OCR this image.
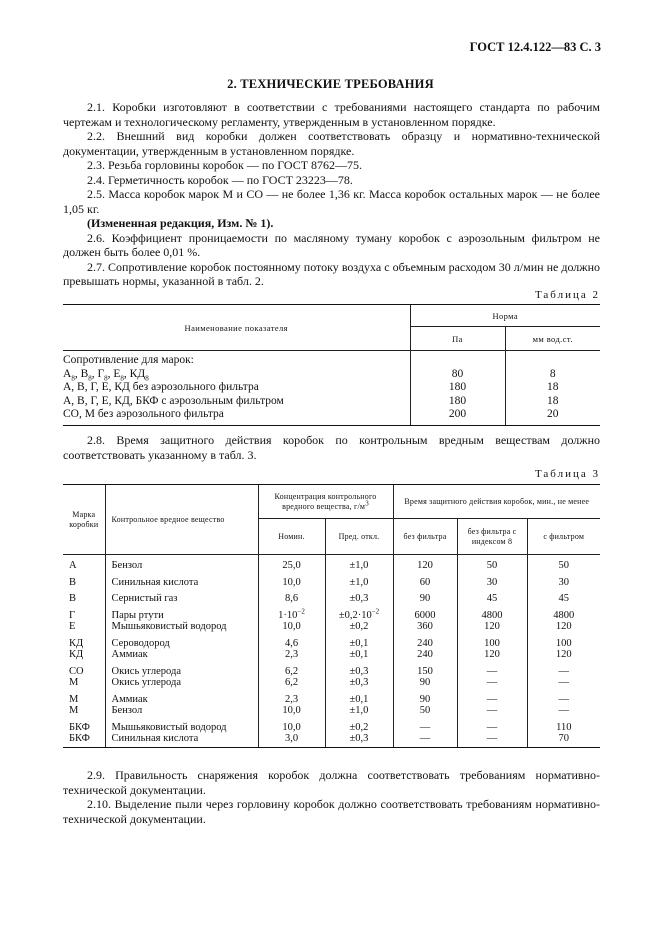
ГОСТ 12.4.122—83 С. 3
2. ТЕХНИЧЕСКИЕ ТРЕБОВАНИЯ
2.1. Коробки изготовляют в соответствии с требованиями настоящего стандарта по рабочим чертежам и технологическому регламенту, утвержденным в установленном порядке.
2.2. Внешний вид коробки должен соответствовать образцу и нормативно-технической документации, утвержденным в установленном порядке.
2.3. Резьба горловины коробок — по ГОСТ 8762—75.
2.4. Герметичность коробок — по ГОСТ 23223—78.
2.5. Масса коробок марок М и СО — не более 1,36 кг. Масса коробок остальных марок — не более 1,05 кг.
(Измененная редакция, Изм. № 1).
2.6. Коэффициент проницаемости по масляному туману коробок с аэрозольным фильтром не должен быть более 0,01 %.
2.7. Сопротивление коробок постоянному потоку воздуха с объемным расходом 30 л/мин не должно превышать нормы, указанной в табл. 2.
Таблица 2
Наименование показателя	Норма	
	Па	мм вод.ст.
Сопротивление для марок:		
$А_8$, $В_8$, $Г_8$, $Е_8$, $КД_8$	80	8
А, В, Г, Е, КД без аэрозольного фильтра	180	18
А, В, Г, Е, КД, БКФ с аэрозольным фильтром	180	18
СО, М без аэрозольного фильтра	200	20
2.8. Время защитного действия коробок по контрольным вредным веществам должно соответствовать указанному в табл. 3.
Таблица 3
Марка коробки	Контрольное вредное вещество	Концентрация контрольного вредного вещества, $г/м^3$		Время защитного действия коробок, мин., не менее		
		Номин.	Пред. откл.	без фильтра	без фильтра с индексом 8	с фильтром
А	Бензол	25,0	±1,0	120	50	50
В	Синильная кислота	10,0	±1,0	60	30	30
В	Сернистый газ	8,6	±0,3	90	45	45
Г	Пары ртути	$1\cdot 10^{-2}$	$\pm 0,2\cdot 10^{-2}$	6000	4800	4800
Е	Мышьяковистый водород	10,0	±0,2	360	120	120
КД	Сероводород	4,6	±0,1	240	100	100
КД	Аммиак	2,3	±0,1	240	120	120
СО	Окись углерода	6,2	±0,3	150	—	—
М	Окись углерода	6,2	±0,3	90	—	—
М	Аммиак	2,3	±0,1	90	—	—
М	Бензол	10,0	±1,0	50	—	—
БКФ	Мышьяковистый водород	10,0	±0,2	—	—	110
БКФ	Синильная кислота	3,0	±0,3	—	—	70
2.9. Правильность снаряжения коробок должна соответствовать требованиям нормативно-технической документации.
2.10. Выделение пыли через горловину коробок должно соответствовать требованиям нормативно-технической документации.
